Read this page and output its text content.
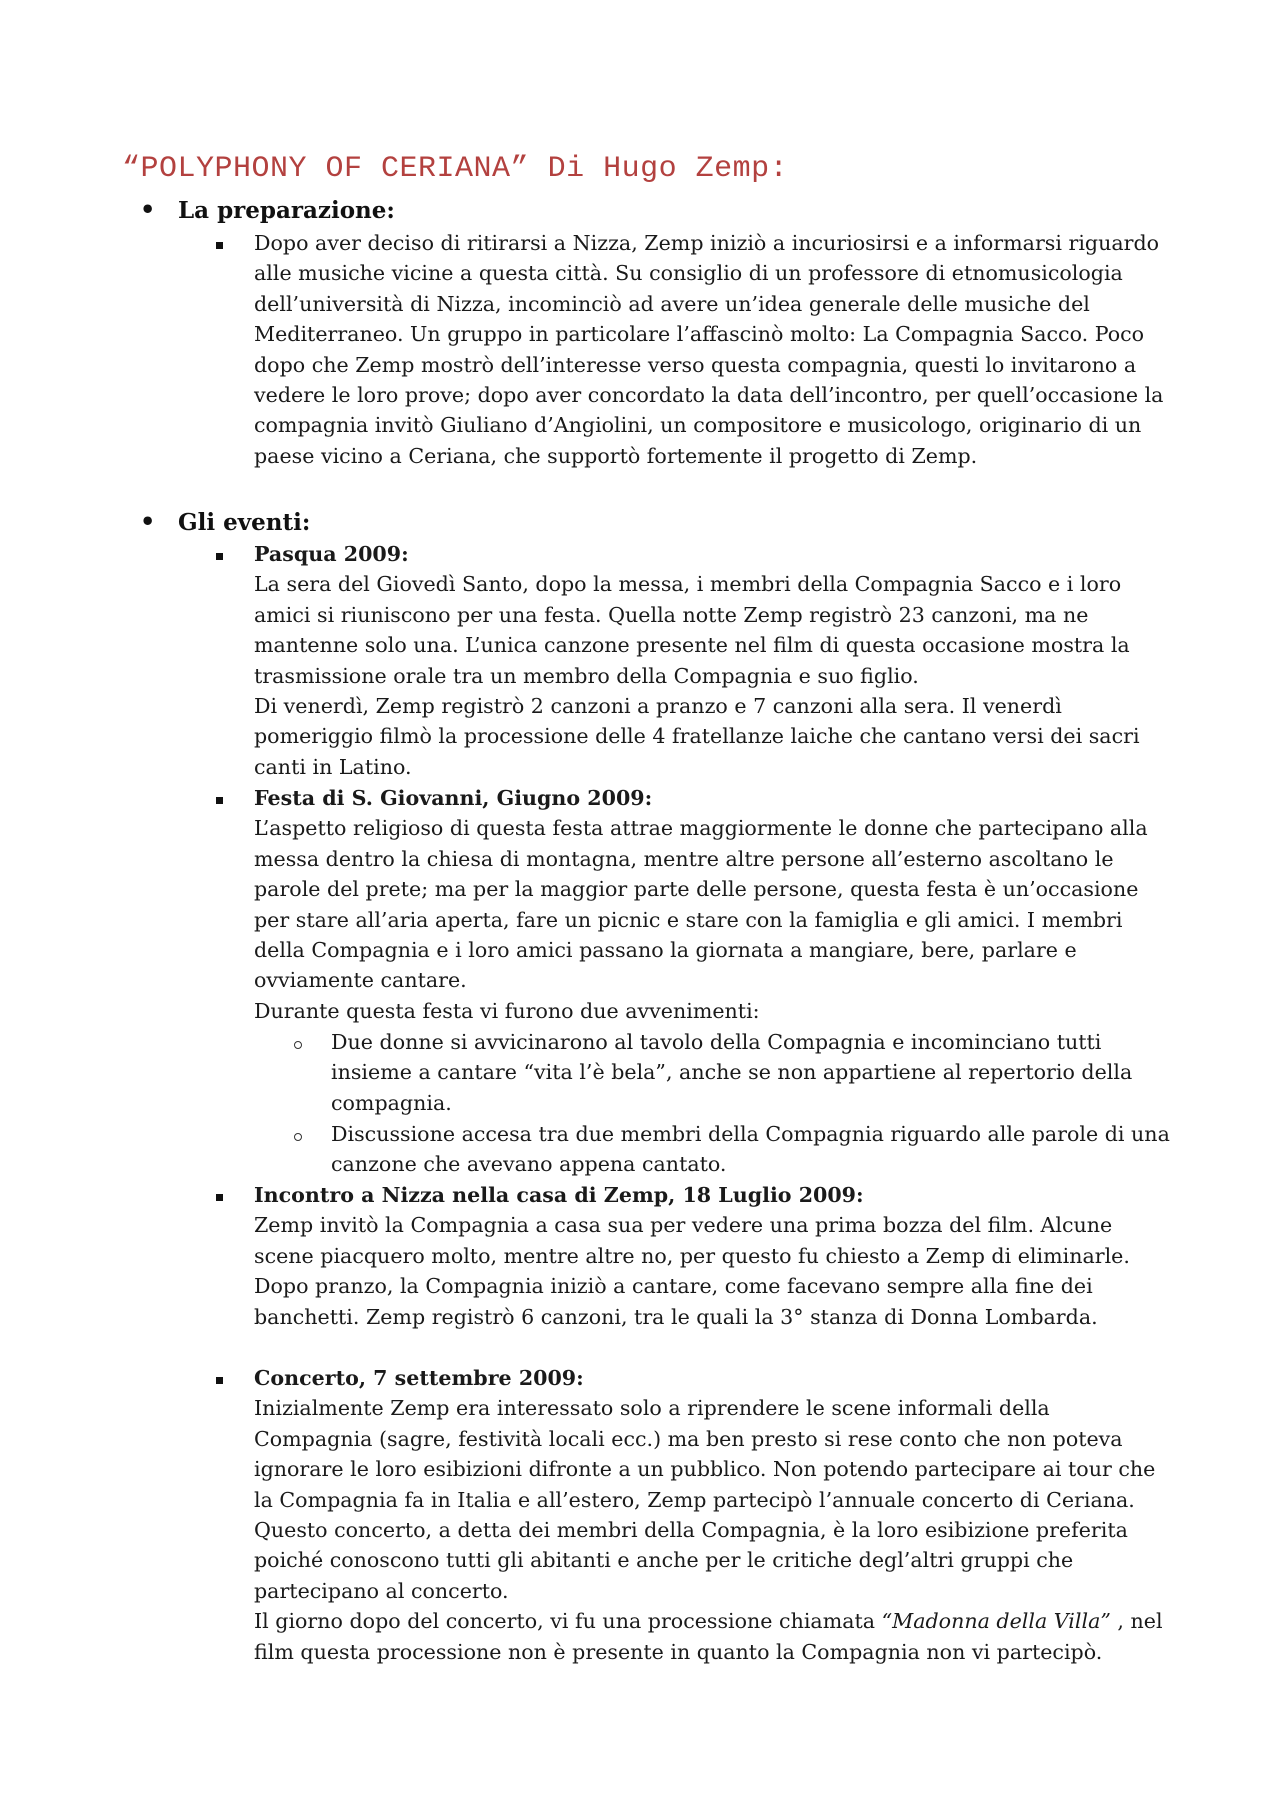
“POLYPHONY OF CERIANA” Di Hugo Zemp:
• La preparazione:
Dopo aver deciso di ritirarsi a Nizza, Zemp iniziò a incuriosirsi e a informarsi riguardo alle musiche vicine a questa città. Su consiglio di un professore di etnomusicologia dell’università di Nizza, incominciò ad avere un’idea generale delle musiche del Mediterraneo. Un gruppo in particolare l’affascinò molto: La Compagnia Sacco. Poco dopo che Zemp mostrò dell’interesse verso questa compagnia, questi lo invitarono a vedere le loro prove; dopo aver concordato la data dell’incontro, per quell’occasione la compagnia invitò Giuliano d’Angiolini, un compositore e musicologo, originario di un paese vicino a Ceriana, che supportò fortemente il progetto di Zemp.
• Gli eventi:
Pasqua 2009:
La sera del Giovedì Santo, dopo la messa, i membri della Compagnia Sacco e i loro amici si riuniscono per una festa. Quella notte Zemp registrò 23 canzoni, ma ne mantenne solo una. L’unica canzone presente nel film di questa occasione mostra la trasmissione orale tra un membro della Compagnia e suo figlio.
Di venerdì, Zemp registrò 2 canzoni a pranzo e 7 canzoni alla sera. Il venerdì pomeriggio filmò la processione delle 4 fratellanze laiche che cantano versi dei sacri canti in Latino.
Festa di S. Giovanni, Giugno 2009:
L’aspetto religioso di questa festa attrae maggiormente le donne che partecipano alla messa dentro la chiesa di montagna, mentre altre persone all’esterno ascoltano le parole del prete; ma per la maggior parte delle persone, questa festa è un’occasione per stare all’aria aperta, fare un picnic e stare con la famiglia e gli amici. I membri della Compagnia e i loro amici passano la giornata a mangiare, bere, parlare e ovviamente cantare.
Durante questa festa vi furono due avvenimenti:
Due donne si avvicinarono al tavolo della Compagnia e incominciano tutti insieme a cantare “vita l’è bela”, anche se non appartiene al repertorio della compagnia.
Discussione accesa tra due membri della Compagnia riguardo alle parole di una canzone che avevano appena cantato.
Incontro a Nizza nella casa di Zemp, 18 Luglio 2009:
Zemp invitò la Compagnia a casa sua per vedere una prima bozza del film. Alcune scene piacquero molto, mentre altre no, per questo fu chiesto a Zemp di eliminarle. Dopo pranzo, la Compagnia iniziò a cantare, come facevano sempre alla fine dei banchetti. Zemp registrò 6 canzoni, tra le quali la 3° stanza di Donna Lombarda.
Concerto, 7 settembre 2009:
Inizialmente Zemp era interessato solo a riprendere le scene informali della Compagnia (sagre, festività locali ecc.) ma ben presto si rese conto che non poteva ignorare le loro esibizioni difronte a un pubblico. Non potendo partecipare ai tour che la Compagnia fa in Italia e all’estero, Zemp partecipò l’annuale concerto di Ceriana. Questo concerto, a detta dei membri della Compagnia, è la loro esibizione preferita poiché conoscono tutti gli abitanti e anche per le critiche degl’altri gruppi che partecipano al concerto.
Il giorno dopo del concerto, vi fu una processione chiamata “Madonna della Villa” , nel film questa processione non è presente in quanto la Compagnia non vi partecipò.
